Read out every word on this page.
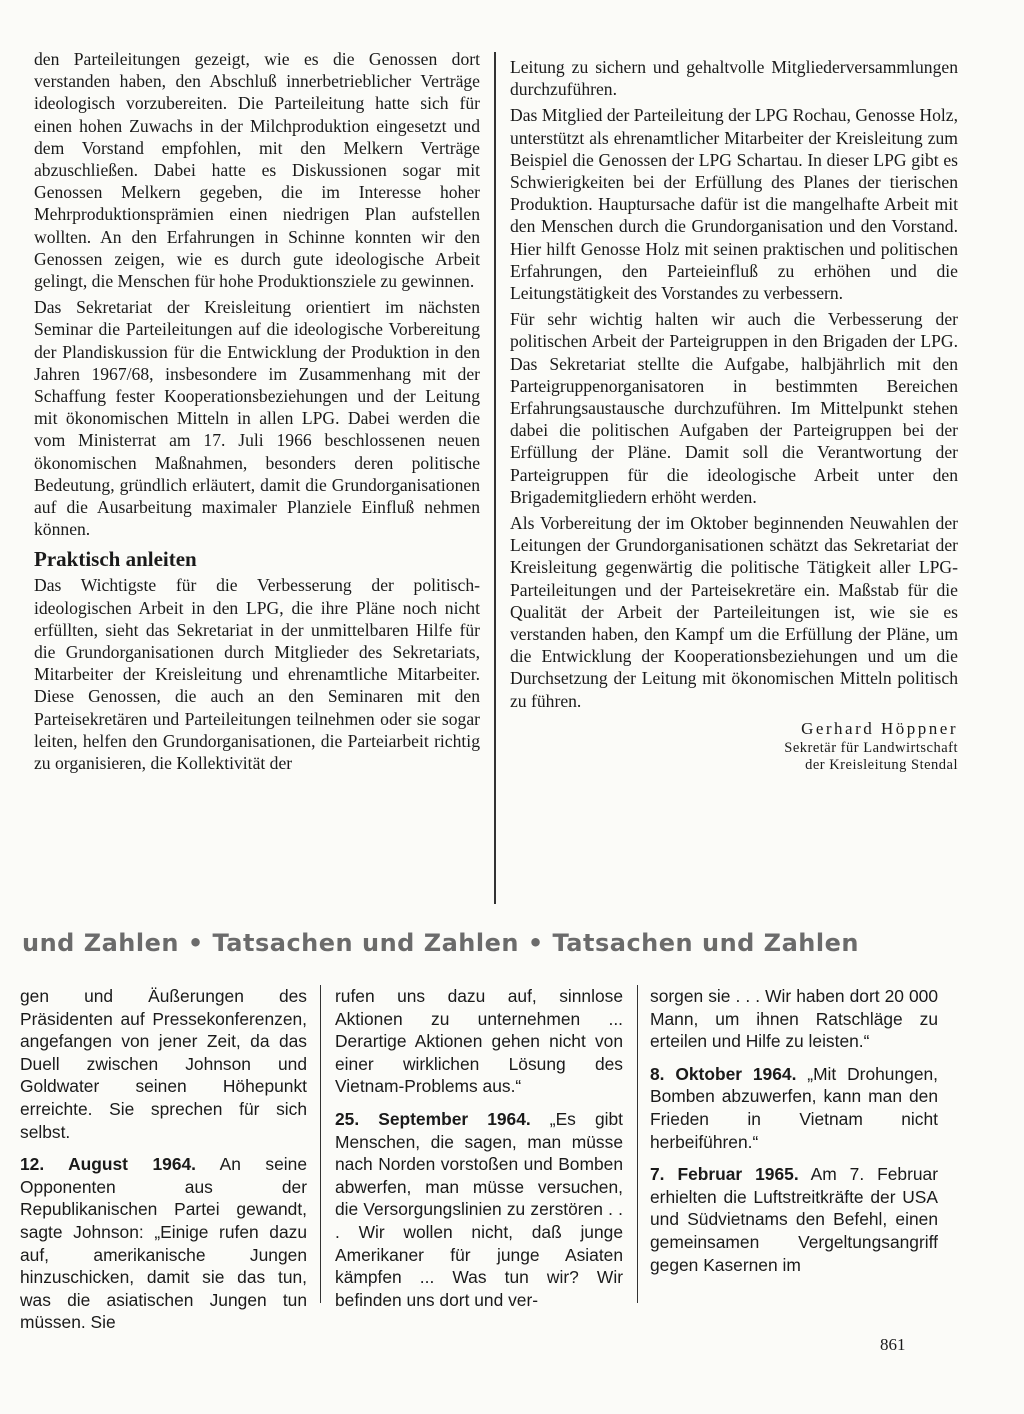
den Parteileitungen gezeigt, wie es die Genossen dort verstanden haben, den Abschluß innerbetrieblicher Verträge ideologisch vorzubereiten. Die Parteileitung hatte sich für einen hohen Zuwachs in der Milchproduktion eingesetzt und dem Vorstand empfohlen, mit den Melkern Verträge abzuschließen. Dabei hatte es Diskussionen sogar mit Genossen Melkern gegeben, die im Interesse hoher Mehrproduktionsprämien einen niedrigen Plan aufstellen wollten. An den Erfahrungen in Schinne konnten wir den Genossen zeigen, wie es durch gute ideologische Arbeit gelingt, die Menschen für hohe Produktionsziele zu gewinnen.

Das Sekretariat der Kreisleitung orientiert im nächsten Seminar die Parteileitungen auf die ideologische Vorbereitung der Plandiskussion für die Entwicklung der Produktion in den Jahren 1967/68, insbesondere im Zusammenhang mit der Schaffung fester Kooperationsbeziehungen und der Leitung mit ökonomischen Mitteln in allen LPG. Dabei werden die vom Ministerrat am 17. Juli 1966 beschlossenen neuen ökonomischen Maßnahmen, besonders deren politische Bedeutung, gründlich erläutert, damit die Grundorganisationen auf die Ausarbeitung maximaler Planziele Einfluß nehmen können.

Praktisch anleiten

Das Wichtigste für die Verbesserung der politisch-ideologischen Arbeit in den LPG, die ihre Pläne noch nicht erfüllten, sieht das Sekretariat in der unmittelbaren Hilfe für die Grundorganisationen durch Mitglieder des Sekretariats, Mitarbeiter der Kreisleitung und ehrenamtliche Mitarbeiter. Diese Genossen, die auch an den Seminaren mit den Parteisekretären und Parteileitungen teilnehmen oder sie sogar leiten, helfen den Grundorganisationen, die Parteiarbeit richtig zu organisieren, die Kollektivität der

Leitung zu sichern und gehaltvolle Mitgliederversammlungen durchzuführen.

Das Mitglied der Parteileitung der LPG Rochau, Genosse Holz, unterstützt als ehrenamtlicher Mitarbeiter der Kreisleitung zum Beispiel die Genossen der LPG Schartau. In dieser LPG gibt es Schwierigkeiten bei der Erfüllung des Planes der tierischen Produktion. Hauptursache dafür ist die mangelhafte Arbeit mit den Menschen durch die Grundorganisation und den Vorstand. Hier hilft Genosse Holz mit seinen praktischen und politischen Erfahrungen, den Parteieinfluß zu erhöhen und die Leitungstätigkeit des Vorstandes zu verbessern.

Für sehr wichtig halten wir auch die Verbesserung der politischen Arbeit der Parteigruppen in den Brigaden der LPG. Das Sekretariat stellte die Aufgabe, halbjährlich mit den Parteigruppenorganisatoren in bestimmten Bereichen Erfahrungsaustausche durchzuführen. Im Mittelpunkt stehen dabei die politischen Aufgaben der Parteigruppen bei der Erfüllung der Pläne. Damit soll die Verantwortung der Parteigruppen für die ideologische Arbeit unter den Brigademitgliedern erhöht werden.

Als Vorbereitung der im Oktober beginnenden Neuwahlen der Leitungen der Grundorganisationen schätzt das Sekretariat der Kreisleitung gegenwärtig die politische Tätigkeit aller LPG-Parteileitungen und der Parteisekretäre ein. Maßstab für die Qualität der Arbeit der Parteileitungen ist, wie sie es verstanden haben, den Kampf um die Erfüllung der Pläne, um die Entwicklung der Kooperationsbeziehungen und um die Durchsetzung der Leitung mit ökonomischen Mitteln politisch zu führen.

Gerhard Höppner
Sekretär für Landwirtschaft
der Kreisleitung Stendal
und Zahlen • Tatsachen und Zahlen • Tatsachen und Zahlen

gen und Äußerungen des Präsidenten auf Pressekonferenzen, angefangen von jener Zeit, da das Duell zwischen Johnson und Goldwater seinen Höhepunkt erreichte. Sie sprechen für sich selbst.

12. August 1964. An seine Opponenten aus der Republikanischen Partei gewandt, sagte Johnson: „Einige rufen dazu auf, amerikanische Jungen hinzuschicken, damit sie das tun, was die asiatischen Jungen tun müssen. Sie

rufen uns dazu auf, sinnlose Aktionen zu unternehmen ... Derartige Aktionen gehen nicht von einer wirklichen Lösung des Vietnam-Problems aus.“

25. September 1964. „Es gibt Menschen, die sagen, man müsse nach Norden vorstoßen und Bomben abwerfen, man müsse versuchen, die Versorgungslinien zu zerstören . . . Wir wollen nicht, daß junge Amerikaner für junge Asiaten kämpfen ... Was tun wir? Wir befinden uns dort und ver-

sorgen sie . . . Wir haben dort 20 000 Mann, um ihnen Ratschläge zu erteilen und Hilfe zu leisten.“

8. Oktober 1964. „Mit Drohungen, Bomben abzuwerfen, kann man den Frieden in Vietnam nicht herbeiführen.“

7. Februar 1965. Am 7. Februar erhielten die Luftstreitkräfte der USA und Südvietnams den Befehl, einen gemeinsamen Vergeltungsangriff gegen Kasernen im

861
